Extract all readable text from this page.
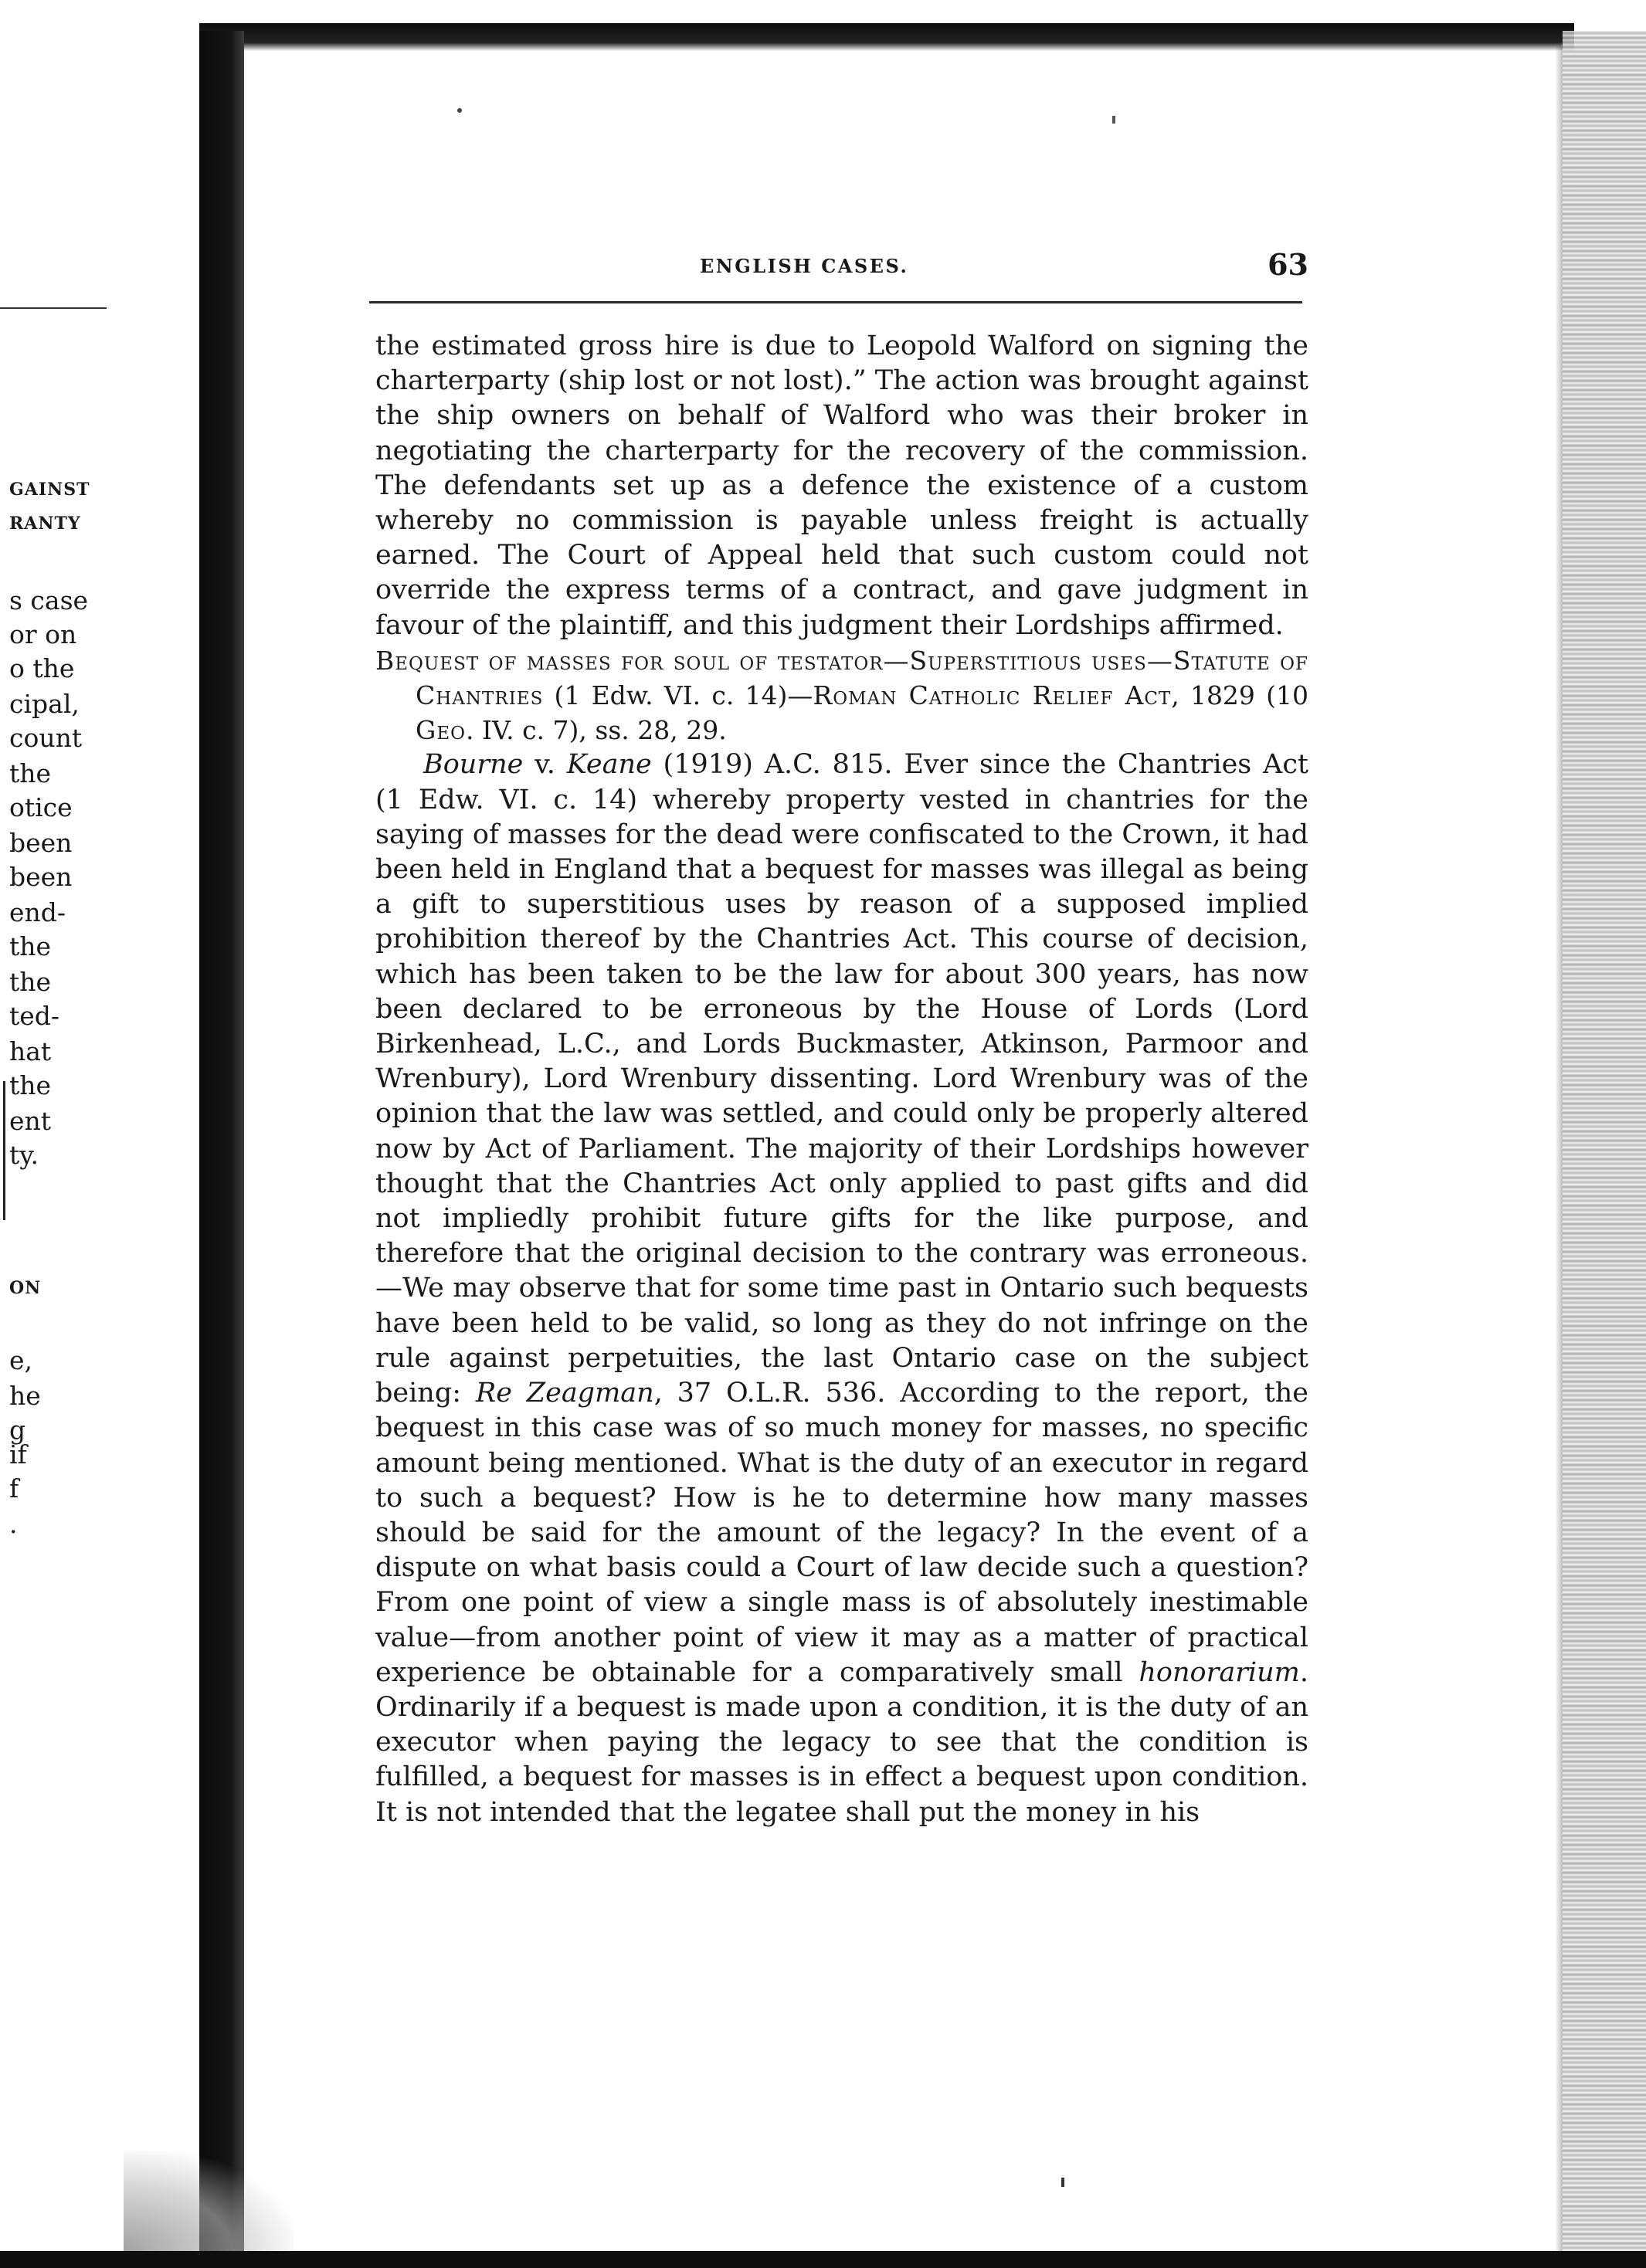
GAINST
RANTY
s case
or on
o the
cipal,
count
the
otice
been
been
end-
the
the
ted-
hat
the
ent
ty.
ON
e,
he
g
if
f
.
ENGLISH CASES.	63

the estimated gross hire is due to Leopold Walford on signing the charterparty (ship lost or not lost).” The action was brought against the ship owners on behalf of Walford who was their broker in negotiating the charterparty for the recovery of the commission. The defendants set up as a defence the existence of a custom whereby no commission is payable unless freight is actually earned. The Court of Appeal held that such custom could not override the express terms of a contract, and gave judgment in favour of the plaintiff, and this judgment their Lordships affirmed.

Bequest of masses for soul of testator—Superstitious uses—Statute of Chantries (1 Edw. VI. c. 14)—Roman Catholic Relief Act, 1829 (10 Geo. IV. c. 7), ss. 28, 29.

Bourne v. Keane (1919) A.C. 815. Ever since the Chantries Act (1 Edw. VI. c. 14) whereby property vested in chantries for the saying of masses for the dead were confiscated to the Crown, it had been held in England that a bequest for masses was illegal as being a gift to superstitious uses by reason of a supposed implied prohibition thereof by the Chantries Act. This course of decision, which has been taken to be the law for about 300 years, has now been declared to be erroneous by the House of Lords (Lord Birkenhead, L.C., and Lords Buckmaster, Atkinson, Parmoor and Wrenbury), Lord Wrenbury dissenting. Lord Wrenbury was of the opinion that the law was settled, and could only be properly altered now by Act of Parliament. The majority of their Lordships however thought that the Chantries Act only applied to past gifts and did not impliedly prohibit future gifts for the like purpose, and therefore that the original decision to the contrary was erroneous.—We may observe that for some time past in Ontario such bequests have been held to be valid, so long as they do not infringe on the rule against perpetuities, the last Ontario case on the subject being: Re Zeagman, 37 O.L.R. 536. According to the report, the bequest in this case was of so much money for masses, no specific amount being mentioned. What is the duty of an executor in regard to such a bequest? How is he to determine how many masses should be said for the amount of the legacy? In the event of a dispute on what basis could a Court of law decide such a question? From one point of view a single mass is of absolutely inestimable value—from another point of view it may as a matter of practical experience be obtainable for a comparatively small honorarium. Ordinarily if a bequest is made upon a condition, it is the duty of an executor when paying the legacy to see that the condition is fulfilled, a bequest for masses is in effect a bequest upon condition. It is not intended that the legatee shall put the money in his
